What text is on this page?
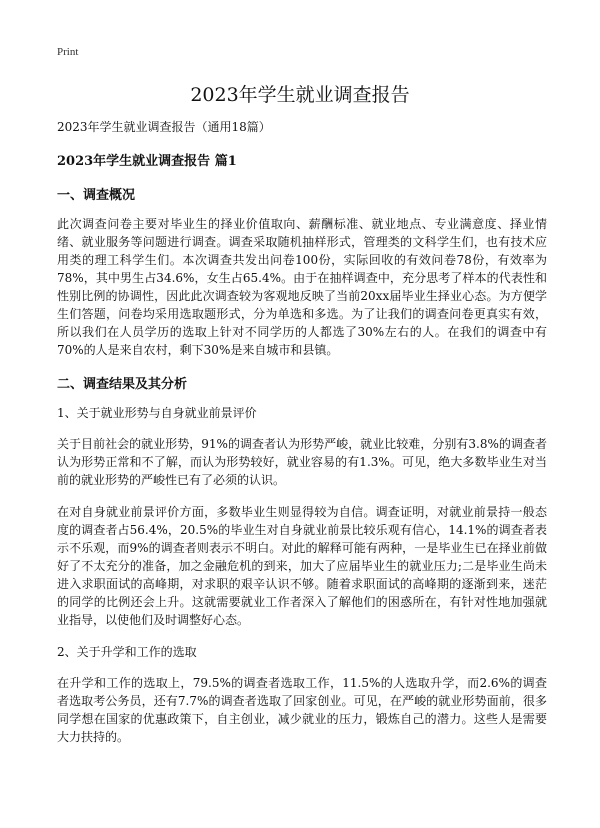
Print
2023年学生就业调查报告

2023年学生就业调查报告（通用18篇）

2023年学生就业调查报告 篇1

一、调查概况

此次调查问卷主要对毕业生的择业价值取向、薪酬标准、就业地点、专业满意度、择业情绪、就业服务等问题进行调查。调查采取随机抽样形式，管理类的文科学生们，也有技术应用类的理工科学生们。本次调查共发出问卷100份，实际回收的有效问卷78份，有效率为78%，其中男生占34.6%，女生占65.4%。由于在抽样调查中，充分思考了样本的代表性和性别比例的协调性，因此此次调查较为客观地反映了当前20xx届毕业生择业心态。为方便学生们答题，问卷均采用选取题形式，分为单选和多选。为了让我们的调查问卷更真实有效，所以我们在人员学历的选取上针对不同学历的人都选了30%左右的人。在我们的调查中有70%的人是来自农村，剩下30%是来自城市和县镇。

二、调查结果及其分析

1、关于就业形势与自身就业前景评价

关于目前社会的就业形势，91%的调查者认为形势严峻，就业比较难，分别有3.8%的调查者认为形势正常和不了解，而认为形势较好，就业容易的有1.3%。可见，绝大多数毕业生对当前的就业形势的严峻性已有了必须的认识。

在对自身就业前景评价方面，多数毕业生则显得较为自信。调查证明，对就业前景持一般态度的调查者占56.4%，20.5%的毕业生对自身就业前景比较乐观有信心，14.1%的调查者表示不乐观，而9%的调查者则表示不明白。对此的解释可能有两种，一是毕业生已在择业前做好了不太充分的准备，加之金融危机的到来，加大了应届毕业生的就业压力;二是毕业生尚未进入求职面试的高峰期，对求职的艰辛认识不够。随着求职面试的高峰期的逐渐到来，迷茫的同学的比例还会上升。这就需要就业工作者深入了解他们的困惑所在，有针对性地加强就业指导，以使他们及时调整好心态。

2、关于升学和工作的选取

在升学和工作的选取上，79.5%的调查者选取工作，11.5%的人选取升学，而2.6%的调查者选取考公务员，还有7.7%的调查者选取了回家创业。可见，在严峻的就业形势面前，很多同学想在国家的优惠政策下，自主创业，减少就业的压力，锻炼自己的潜力。这些人是需要大力扶持的。
